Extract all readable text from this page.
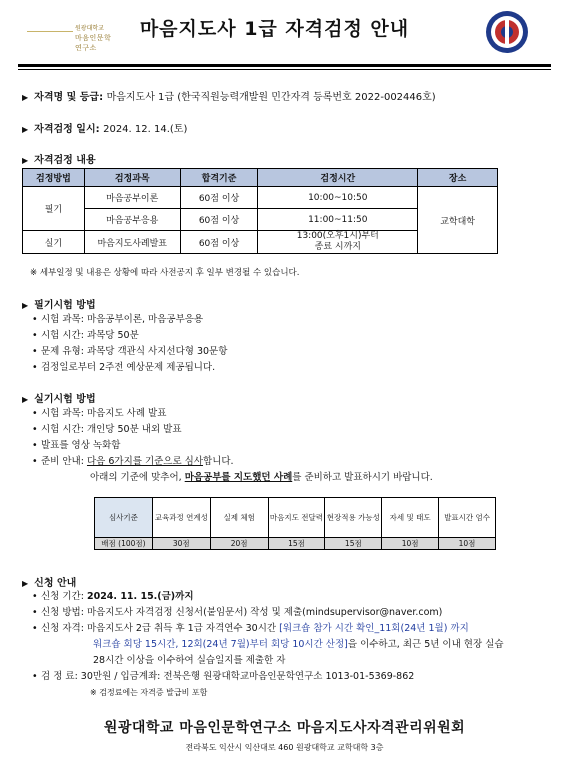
원광대학교
마음인문학연구소
마음지도사 1급 자격검정 안내
▶ 자격명 및 등급: 마음지도사 1급 (한국직원능력개발원 민간자격 등록번호 2022-002446호)
▶ 자격검정 일시: 2024. 12. 14.(토)
▶ 자격검정 내용
검정방법	검정과목	합격기준	검정시간	장소
필기	마음공부이론	60점 이상	10:00~10:50	교학대학
	마음공부응용	60점 이상	11:00~11:50	
실기	마음지도사례발표	60점 이상	13:00(오후1시)부터
종료 시까지	
※ 세부일정 및 내용은 상황에 따라 사전공지 후 일부 변경될 수 있습니다.
▶ 필기시험 방법
• 시험 과목: 마음공부이론, 마음공부응용
• 시험 시간: 과목당 50분
• 문제 유형: 과목당 객관식 사지선다형 30문항
• 검정일로부터 2주전 예상문제 제공됩니다.
▶ 실기시험 방법
• 시험 과목: 마음지도 사례 발표
• 시험 시간: 개인당 50분 내외 발표
• 발표를 영상 녹화함
• 준비 안내: 다음 6가지를 기준으로 심사합니다.
아래의 기준에 맞추어, 마음공부를 지도했던 사례를 준비하고 발표하시기 바랍니다.
심사기준	교육과정 연계성	실제 체험	마음지도 전달력	현장적용 가능성	자세 및 태도	발표시간 엄수
배점 (100점)	30점	20점	15점	15점	10점	10점
▶ 신청 안내
• 신청 기간: 2024. 11. 15.(금)까지
• 신청 방법: 마음지도사 자격검정 신청서(붙임문서) 작성 및 제출(mindsupervisor@naver.com)
• 신청 자격: 마음지도사 2급 취득 후 1급 자격연수 30시간 [워크숍 참가 시간 확인_11회(24년 1월) 까지
워크숍 회당 15시간, 12회(24년 7월)부터 회당 10시간 산정]을 이수하고, 최근 5년 이내 현장 실습
28시간 이상을 이수하여 실습일지를 제출한 자
• 검 정 료: 30만원 / 입금계좌: 전북은행 원광대학교마음인문학연구소 1013-01-5369-862
※ 검정료에는 자격증 발급비 포함
원광대학교 마음인문학연구소 마음지도사자격관리위원회
전라북도 익산시 익산대로 460 원광대학교 교학대학 3층
